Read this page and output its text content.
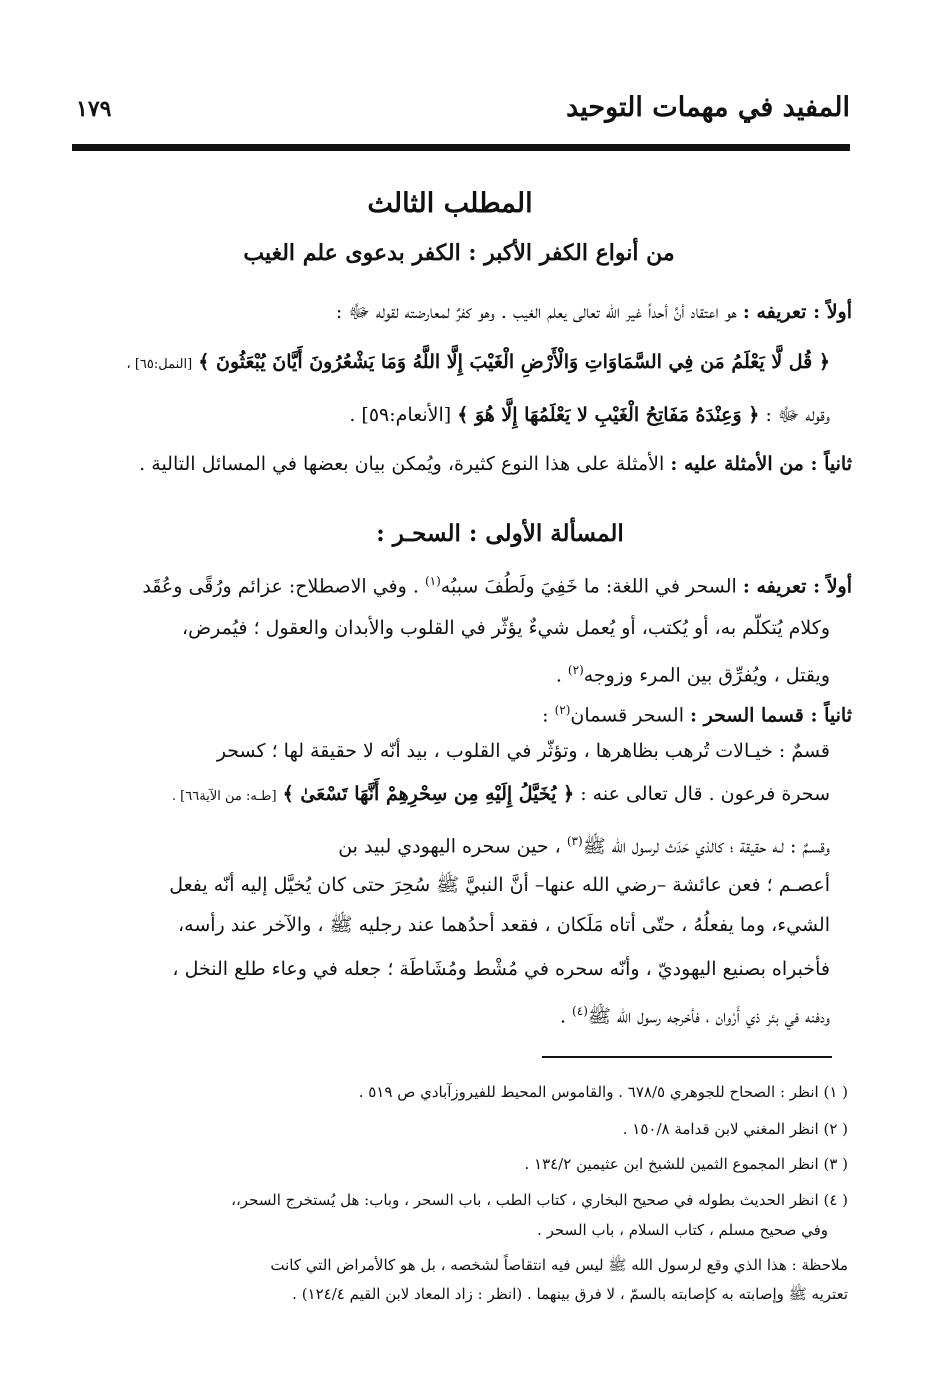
المفيد في مهمات التوحيد
١٧٩
المطلب الثالث
من أنواع الكفر الأكبر : الكفر بدعوى علم الغيب
أولاً : تعريفه : هو اعتقاد أنَّ أحداً غير الله تعالى يعلم الغيب . وهو كفرٌ لمعارضته لقوله ﷻ :
﴿ قُل لَّا يَعْلَمُ مَن فِي السَّمَاوَاتِ وَالْأَرْضِ الْغَيْبَ إِلَّا اللَّهُ وَمَا يَشْعُرُونَ أَيَّانَ يُبْعَثُونَ ﴾ [النمل:٦٥] ،
وقوله ﷻ : ﴿ وَعِنْدَهُ مَفَاتِحُ الْغَيْبِ لا يَعْلَمُهَا إِلَّا هُوَ ﴾ [الأنعام:٥٩] .
ثانياً : من الأمثلة عليه : الأمثلة على هذا النوع كثيرة، ويُمكن بيان بعضها في المسائل التالية .
المسألة الأولى : السحـر :
أولاً : تعريفه : السحر في اللغة: ما خَفِيَ ولَطُفَ سببُه$^{(١)}$ . وفي الاصطلاح: عزائم ورُقًى وعُقَد
وكلام يُتكلّم به، أو يُكتب، أو يُعمل شيءٌ يؤثّر في القلوب والأبدان والعقول ؛ فيُمرض،
ويقتل ، ويُفرِّق بين المرء وزوجه$^{(٢)}$ .
ثانياً : قسما السحر : السحر قسمان$^{(٢)}$ :
قسمٌ : خيـالات تُرهب بظاهرها ، وتؤثّر في القلوب ، بيد أنّه لا حقيقة لها ؛ كسحر
سحرة فرعون . قال تعالى عنه : ﴿ يُخَيَّلُ إِلَيْهِ مِن سِحْرِهِمْ أَنَّهَا تَسْعَىٰ ﴾ [طـه: من الآية٦٦] .
وقسـمٌ : لـه حقيقة ؛ كالذي حَدَث لرسول الله ﷺ$^{(٣)}$ ، حين سحره اليهودي لبيد بن
أعصـم ؛ فعن عائشة –رضي الله عنها– أنَّ النبيَّ ﷺ سُحِرَ حتى كان يُخيَّل إليه أنّه يفعل
الشيء، وما يفعلُهُ ، حتّى أتاه مَلَكان ، فقعد أحدُهما عند رجليه ﷺ ، والآخر عند رأسه،
فأخبراه بصنيع اليهوديّ ، وأنّه سحره في مُشْط ومُشَاطَة ؛ جعله في وعاء طلع النخل ،
ودفنه في بئر ذي أَرْوان ، فأخرجه رسول الله ﷺ$^{(٤)}$ .
( ١) انظر : الصحاح للجوهري ٦٧٨/٥ . والقاموس المحيط للفيروزآبادي ص ٥١٩ .
( ٢) انظر المغني لابن قدامة ١٥٠/٨ .
( ٣) انظر المجموع الثمين للشيخ ابن عثيمين ١٣٤/٢ .
( ٤) انظر الحديث بطوله في صحيح البخاري ، كتاب الطب ، باب السحر ، وباب: هل يُستخرج السحر،،
وفي صحيح مسلم ، كتاب السلام ، باب السحر .
ملاحظة : هذا الذي وقع لرسول الله ﷺ ليس فيه انتقاصاً لشخصه ، بل هو كالأمراض التي كانت
تعتريه ﷺ وإصابته به كإصابته بالسمّ ، لا فرق بينهما . (انظر : زاد المعاد لابن القيم ١٢٤/٤) .
